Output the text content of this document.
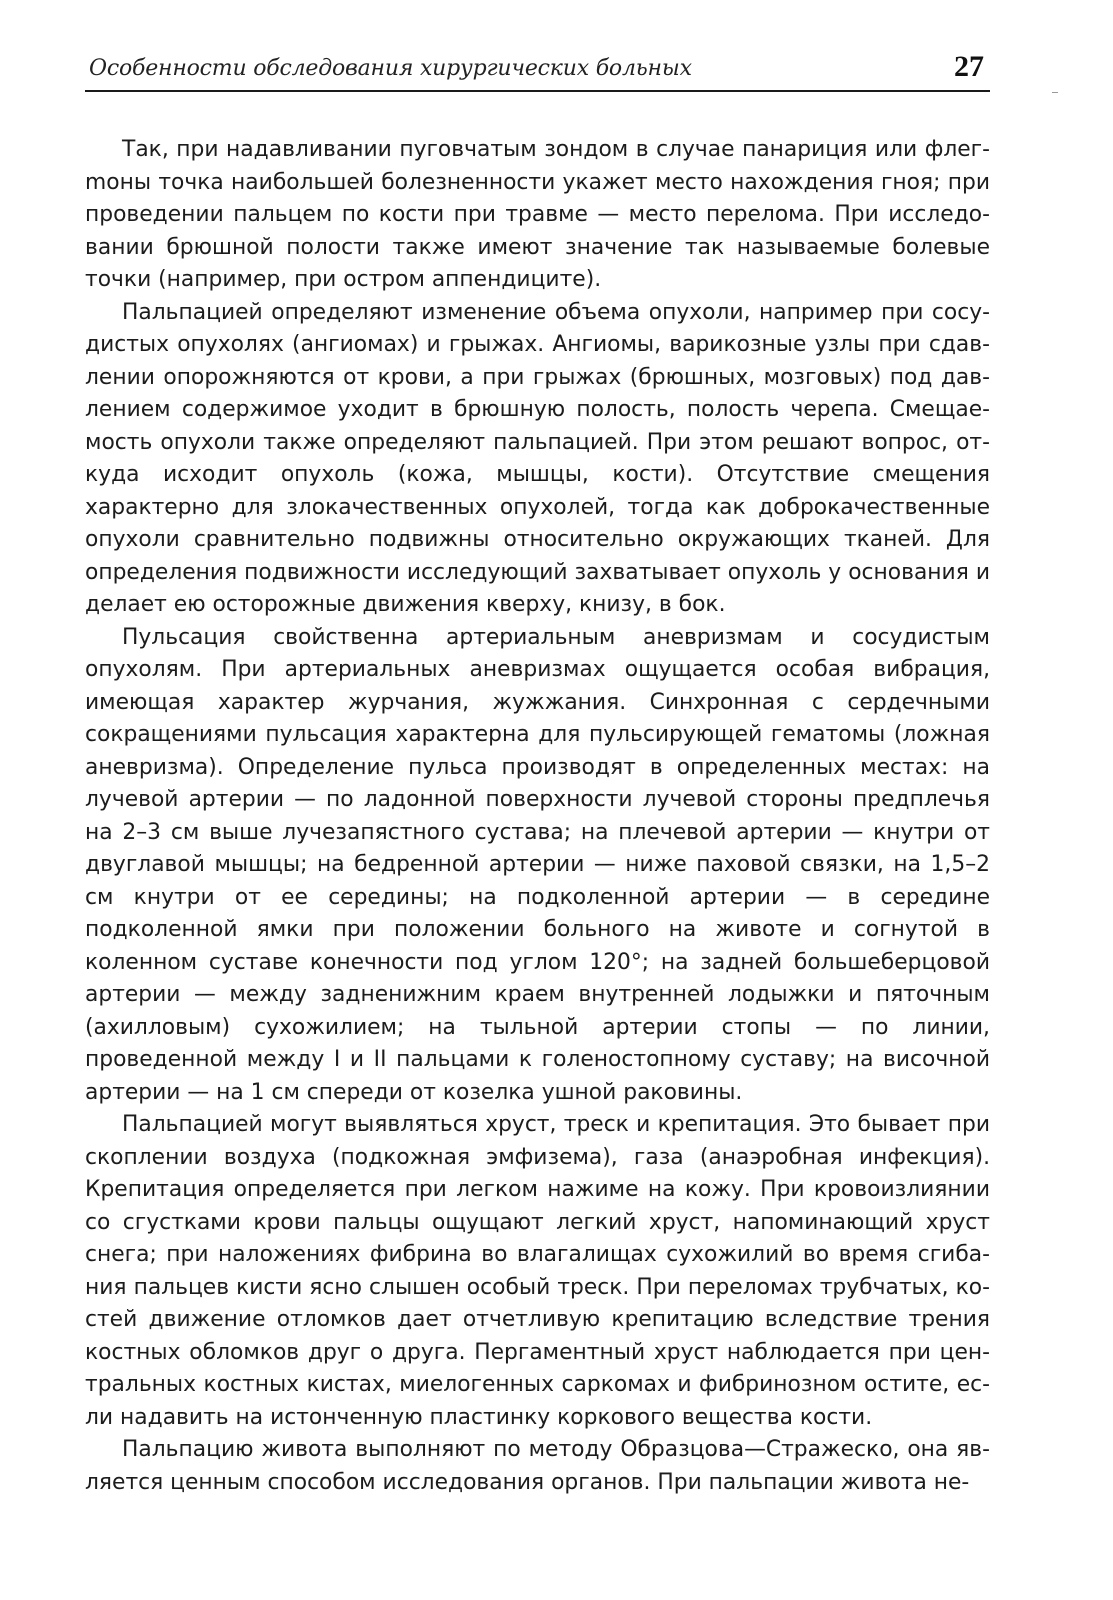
Особенности обследования хирургических больных	27

Так, при надавливании пуговчатым зондом в случае панариция или флегmоны точка наибольшей болезненности укажет место нахождения гноя; при проведении пальцем по кости при травме — место перелома. При исследовании брюшной полости также имеют значение так называемые болевые точки (например, при остром аппендиците).

Пальпацией определяют изменение объема опухоли, например при сосудистых опухолях (ангиомах) и грыжах. Ангиомы, варикозные узлы при сдавлении опорожняются от крови, а при грыжах (брюшных, мозговых) под давлением содержимое уходит в брюшную полость, полость черепа. Смещаемость опухоли также определяют пальпацией. При этом решают вопрос, откуда исходит опухоль (кожа, мышцы, кости). Отсутствие смещения характерно для злокачественных опухолей, тогда как доброкачественные опухоли сравнительно подвижны относительно окружающих тканей. Для определения подвижности исследующий захватывает опухоль у основания и делает ею осторожные движения кверху, книзу, в бок.

Пульсация свойственна артериальным аневризмам и сосудистым опухолям. При артериальных аневризмах ощущается особая вибрация, имеющая характер журчания, жужжания. Синхронная с сердечными сокращениями пульсация характерна для пульсирующей гематомы (ложная аневризма). Определение пульса производят в определенных местах: на лучевой артерии — по ладонной поверхности лучевой стороны предплечья на 2–3 см выше лучезапястного сустава; на плечевой артерии — кнутри от двуглавой мышцы; на бедренной артерии — ниже паховой связки, на 1,5–2 см кнутри от ее середины; на подколенной артерии — в середине подколенной ямки при положении больного на животе и согнутой в коленном суставе конечности под углом 120°; на задней большеберцовой артерии — между задненижним краем внутренней лодыжки и пяточным (ахилловым) сухожилием; на тыльной артерии стопы — по линии, проведенной между I и II пальцами к голеностопному суставу; на височной артерии — на 1 см спереди от козелка ушной раковины.

Пальпацией могут выявляться хруст, треск и крепитация. Это бывает при скоплении воздуха (подкожная эмфизема), газа (анаэробная инфекция). Крепитация определяется при легком нажиме на кожу. При кровоизлиянии со сгустками крови пальцы ощущают легкий хруст, напоминающий хруст снега; при наложениях фибрина во влагалищах сухожилий во время сгибания пальцев кисти ясно слышен особый треск. При переломах трубчатых, костей движение отломков дает отчетливую крепитацию вследствие трения костных обломков друг о друга. Пергаментный хруст наблюдается при центральных костных кистах, миелогенных саркомах и фибринозном остите, если надавить на истонченную пластинку коркового вещества кости.

Пальпацию живота выполняют по методу Образцова—Стражеско, она является ценным способом исследования органов. При пальпации живота не-
